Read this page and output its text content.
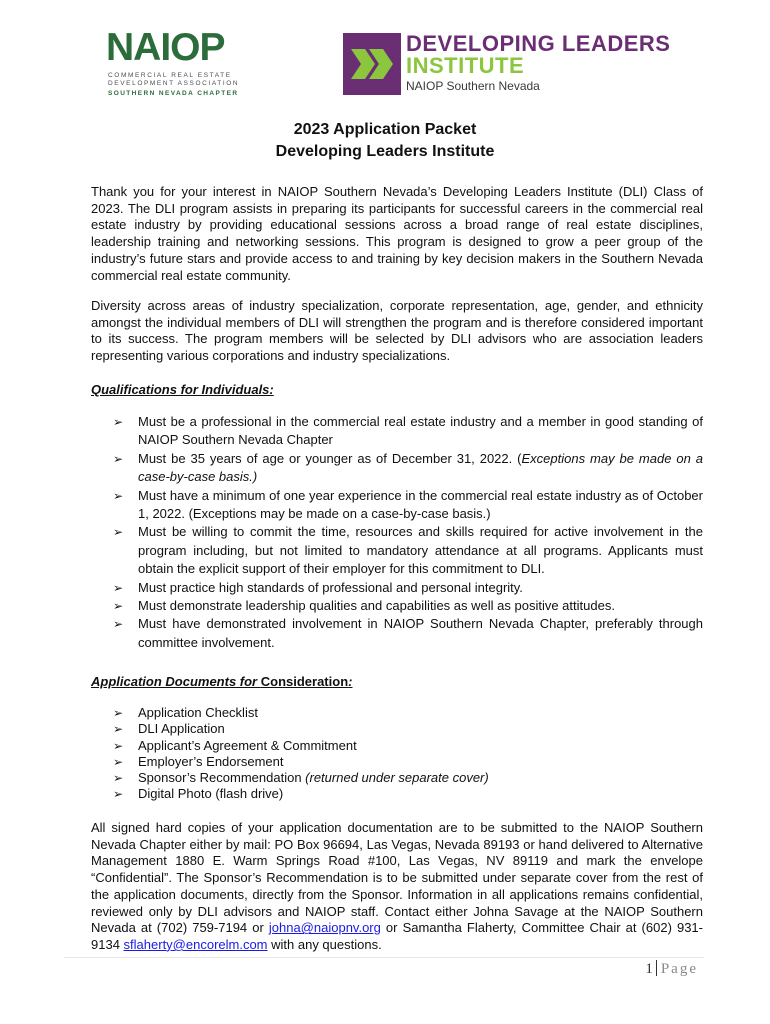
NAIOP
COMMERCIAL REAL ESTATE
DEVELOPMENT ASSOCIATION
SOUTHERN NEVADA CHAPTER
DEVELOPING LEADERS
INSTITUTE
NAIOP Southern Nevada
2023 Application Packet
Developing Leaders Institute

Thank you for your interest in NAIOP Southern Nevada’s Developing Leaders Institute (DLI) Class of 2023. The DLI program assists in preparing its participants for successful careers in the commercial real estate industry by providing educational sessions across a broad range of real estate disciplines, leadership training and networking sessions. This program is designed to grow a peer group of the industry’s future stars and provide access to and training by key decision makers in the Southern Nevada commercial real estate community.

Diversity across areas of industry specialization, corporate representation, age, gender, and ethnicity amongst the individual members of DLI will strengthen the program and is therefore considered important to its success. The program members will be selected by DLI advisors who are association leaders representing various corporations and industry specializations.

Qualifications for Individuals:
➢	Must be a professional in the commercial real estate industry and a member in good standing of NAIOP Southern Nevada Chapter
➢	Must be 35 years of age or younger as of December 31, 2022. (Exceptions may be made on a case-by-case basis.)
➢	Must have a minimum of one year experience in the commercial real estate industry as of October 1, 2022. (Exceptions may be made on a case-by-case basis.)
➢	Must be willing to commit the time, resources and skills required for active involvement in the program including, but not limited to mandatory attendance at all programs. Applicants must obtain the explicit support of their employer for this commitment to DLI.
➢	Must practice high standards of professional and personal integrity.
➢	Must demonstrate leadership qualities and capabilities as well as positive attitudes.
➢	Must have demonstrated involvement in NAIOP Southern Nevada Chapter, preferably through committee involvement.
Application Documents for Consideration:
➢	Application Checklist
➢	DLI Application
➢	Applicant’s Agreement & Commitment
➢	Employer’s Endorsement
➢	Sponsor’s Recommendation (returned under separate cover)
➢	Digital Photo (flash drive)

All signed hard copies of your application documentation are to be submitted to the NAIOP Southern Nevada Chapter either by mail: PO Box 96694, Las Vegas, Nevada 89193 or hand delivered to Alternative Management 1880 E. Warm Springs Road #100, Las Vegas, NV 89119 and mark the envelope “Confidential”. The Sponsor’s Recommendation is to be submitted under separate cover from the rest of the application documents, directly from the Sponsor. Information in all applications remains confidential, reviewed only by DLI advisors and NAIOP staff. Contact either Johna Savage at the NAIOP Southern Nevada at (702) 759-7194 or johna@naiopnv.org or Samantha Flaherty, Committee Chair at (602) 931-9134 sflaherty@encorelm.com with any questions.

1 Page
